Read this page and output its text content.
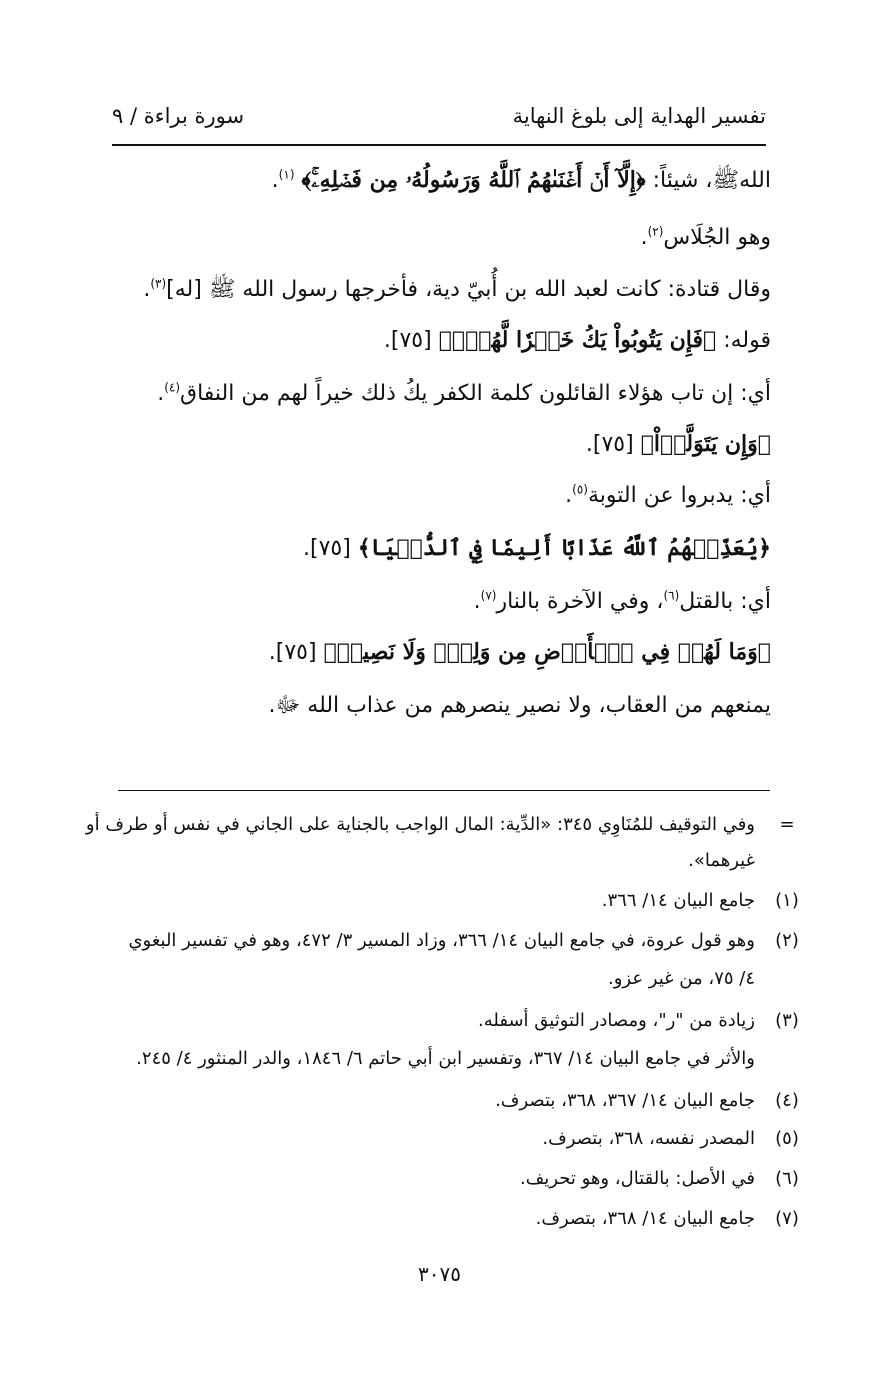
تفسير الهداية إلى بلوغ النهاية
سورة براءة / ٩
اللهﷺ، شيئاً: ﴿إِلَّآ أَنۡ أَغۡنَىٰهُمُ ٱللَّهُ وَرَسُولُهُۥ مِن فَضۡلِهِۦۚ﴾ $^{(١)}$.
وهو الجُلَاس$^{(٢)}$.
وقال قتادة: كانت لعبد الله بن أُبيّ دية، فأخرجها رسول الله ﷺ [له]$^{(٣)}$.
قوله: ﴿فَإِن يَتُوبُواْ يَكُ خَيۡرٗا لَّهُمۡۖ﴾ [٧٥].
أي: إن تاب هؤلاء القائلون كلمة الكفر يكُ ذلك خيراً لهم من النفاق$^{(٤)}$.
﴿وَإِن يَتَوَلَّوۡاْ﴾ [٧٥].
أي: يدبروا عن التوبة$^{(٥)}$.
﴿يُعَذِّبۡهُمُ ٱللَّهُ عَذَابًا أَلِيمٗا فِي ٱلدُّنۡيَا﴾ [٧٥].
أي: بالقتل$^{(٦)}$، وفي الآخرة بالنار$^{(٧)}$.
﴿وَمَا لَهُمۡ فِي ٱلۡأَرۡضِ مِن وَلِيّٖ وَلَا نَصِيرٖ﴾ [٧٥].
يمنعهم من العقاب، ولا نصير ينصرهم من عذاب الله ﷻ.
=
وفي التوقيف للمُنَاوِي ٣٤٥: «الدِّية: المال الواجب بالجناية على الجاني في نفس أو طرف أو
غيرهما».
(١)
جامع البيان ١٤/ ٣٦٦.
(٢)
وهو قول عروة، في جامع البيان ١٤/ ٣٦٦، وزاد المسير ٣/ ٤٧٢، وهو في تفسير البغوي
٤/ ٧٥، من غير عزو.
(٣)
زيادة من "ر"، ومصادر التوثيق أسفله.
والأثر في جامع البيان ١٤/ ٣٦٧، وتفسير ابن أبي حاتم ٦/ ١٨٤٦، والدر المنثور ٤/ ٢٤٥.
(٤)
جامع البيان ١٤/ ٣٦٧، ٣٦٨، بتصرف.
(٥)
المصدر نفسه، ٣٦٨، بتصرف.
(٦)
في الأصل: بالقتال، وهو تحريف.
(٧)
جامع البيان ١٤/ ٣٦٨، بتصرف.
٣٠٧٥
